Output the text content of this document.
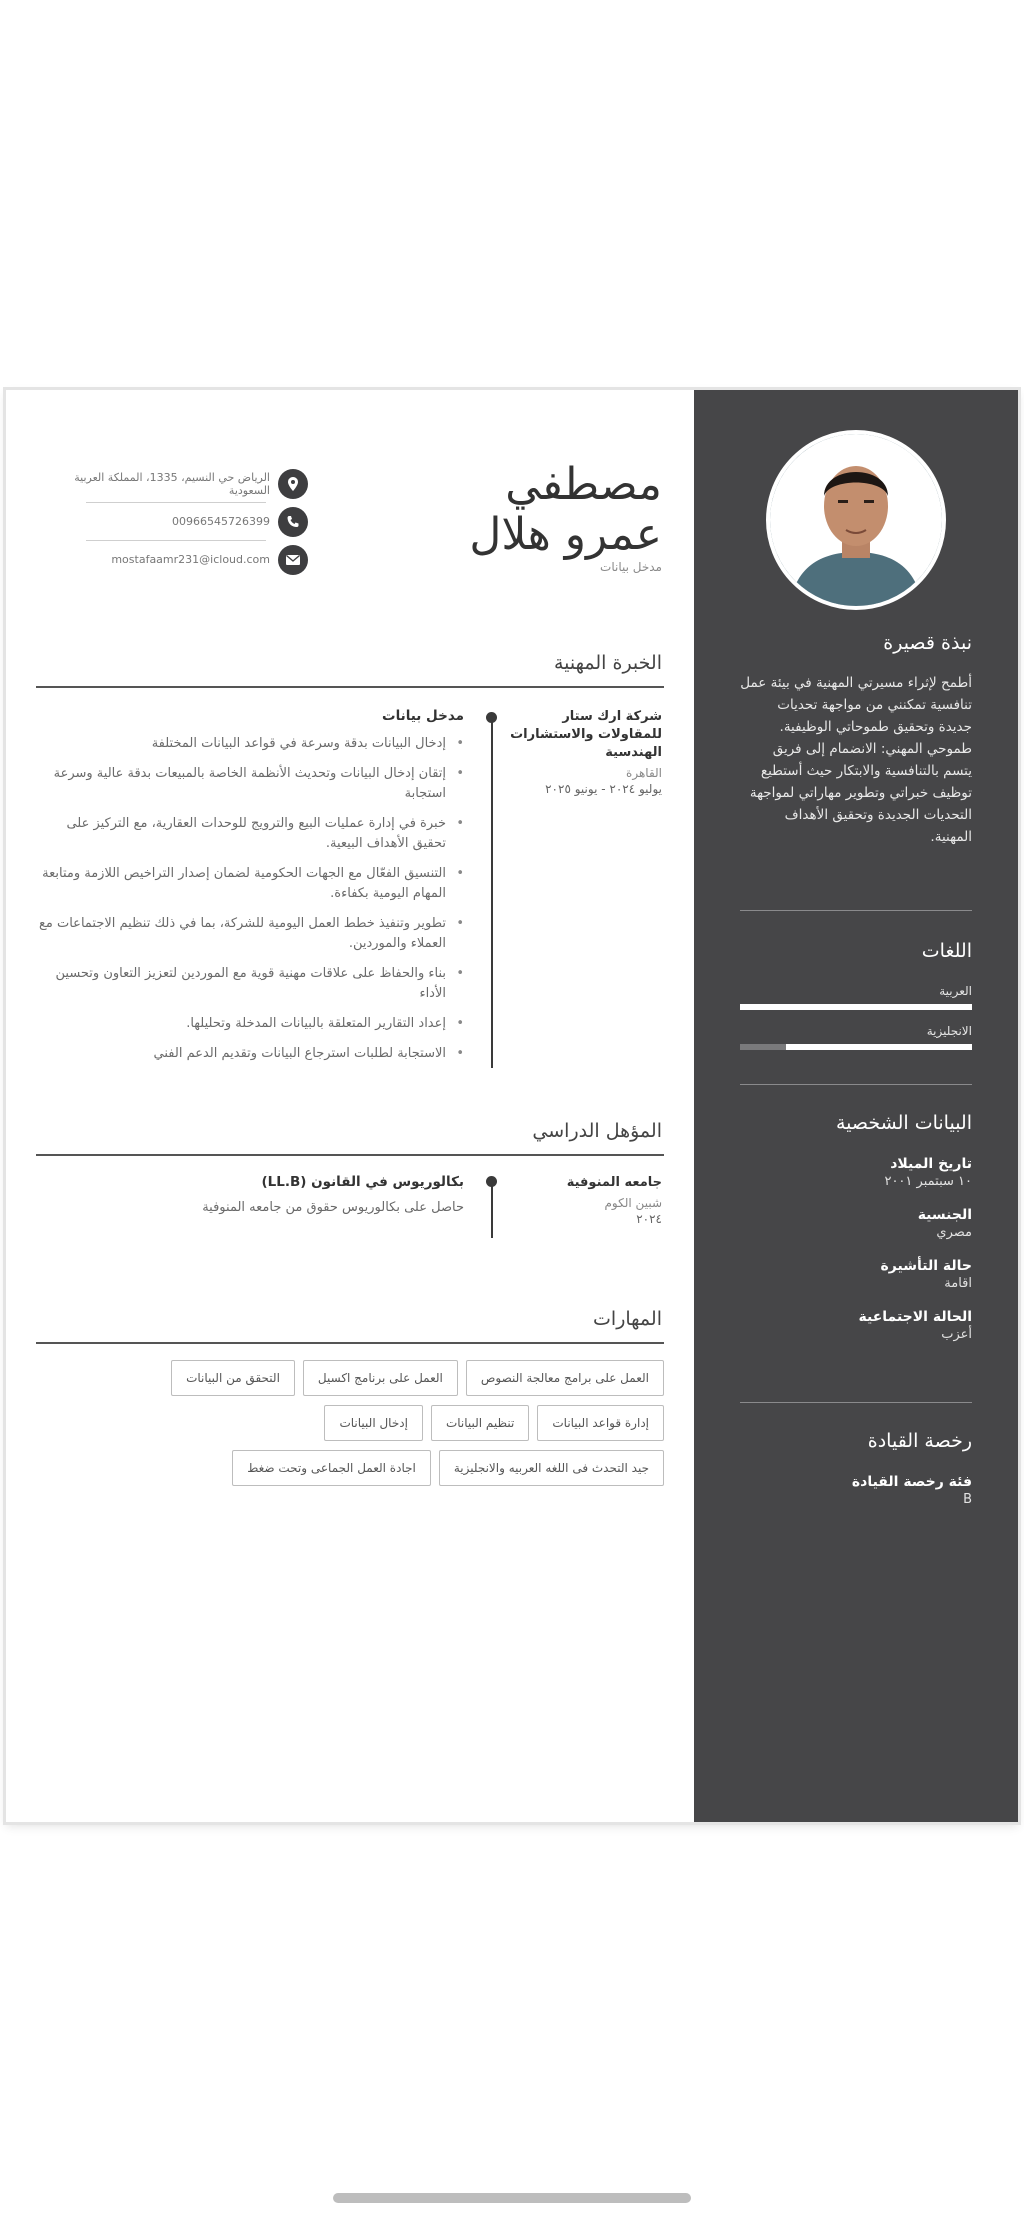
مصطفي
عمرو هلال
مدخل بيانات
الرياض حي النسيم، 1335، المملكة العربية السعودية
00966545726399
mostafaamr231@icloud.com
الخبرة المهنية
شركة ارك ستار للمقاولات والاستشارات الهندسية
القاهرة
يوليو ٢٠٢٤ - يونيو ٢٠٢٥
مدخل بيانات
• إدخال البيانات بدقة وسرعة في قواعد البيانات المختلفة
• إتقان إدخال البيانات وتحديث الأنظمة الخاصة بالمبيعات بدقة عالية وسرعة استجابة
• خبرة في إدارة عمليات البيع والترويج للوحدات العقارية، مع التركيز على تحقيق الأهداف البيعية.
• التنسيق الفعّال مع الجهات الحكومية لضمان إصدار التراخيص اللازمة ومتابعة المهام اليومية بكفاءة.
• تطوير وتنفيذ خطط العمل اليومية للشركة، بما في ذلك تنظيم الاجتماعات مع العملاء والموردين.
• بناء والحفاظ على علاقات مهنية قوية مع الموردين لتعزيز التعاون وتحسين الأداء
• إعداد التقارير المتعلقة بالبيانات المدخلة وتحليلها.
• الاستجابة لطلبات استرجاع البيانات وتقديم الدعم الفني
المؤهل الدراسي
جامعه المنوفية
شبين الكوم
٢٠٢٤
بكالوريوس في القانون (LL.B)
حاصل على بكالوريوس حقوق من جامعه المنوفية
المهارات
العمل على برامج معالجة النصوص
العمل على برنامج اكسيل
التحقق من البيانات
إدارة قواعد البيانات
تنظيم البيانات
إدخال البيانات
جيد التحدث فى اللغه العربيه والانجليزية
اجادة العمل الجماعى وتحت ضغط
نبذة قصيرة
أطمح لإثراء مسيرتي المهنية في بيئة عمل تنافسية تمكنني من مواجهة تحديات جديدة وتحقيق طموحاتي الوظيفية. طموحي المهني: الانضمام إلى فريق يتسم بالتنافسية والابتكار حيث أستطيع توظيف خبراتي وتطوير مهاراتي لمواجهة التحديات الجديدة وتحقيق الأهداف المهنية.
اللغات
العربية
الانجليزية
البيانات الشخصية
تاريخ الميلاد
١٠ سبتمبر ٢٠٠١
الجنسية
مصري
حالة التأشيرة
اقامة
الحالة الاجتماعية
أعزب
رخصة القيادة
فئة رخصة القيادة
B
